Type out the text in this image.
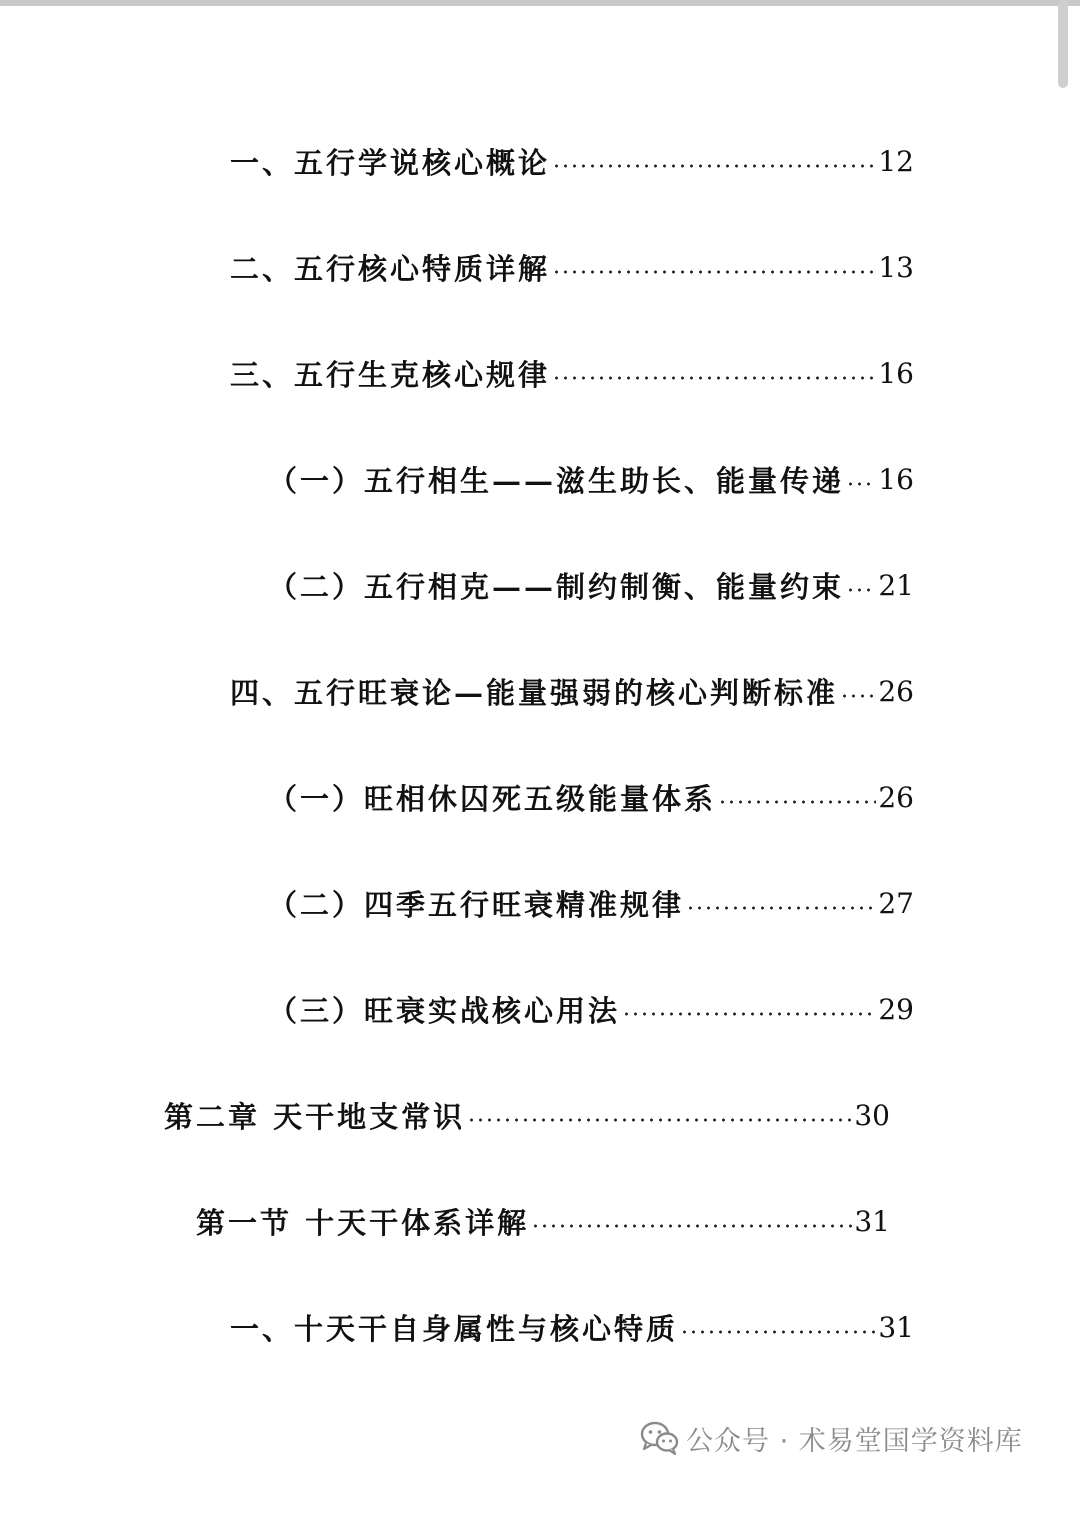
一、五行学说核心概论	12
二、五行核心特质详解	13
三、五行生克核心规律	16
（一）五行相生——滋生助长、能量传递 16
（二）五行相克——制约制衡、能量约束 21
四、五行旺衰论—能量强弱的核心判断标准 26
（一）旺相休囚死五级能量体系	26
（二）四季五行旺衰精准规律	27
（三）旺衰实战核心用法	29
第二章 天干地支常识	30
第一节 十天干体系详解	31
一、十天干自身属性与核心特质	31
公众号 · 术易堂国学资料库
